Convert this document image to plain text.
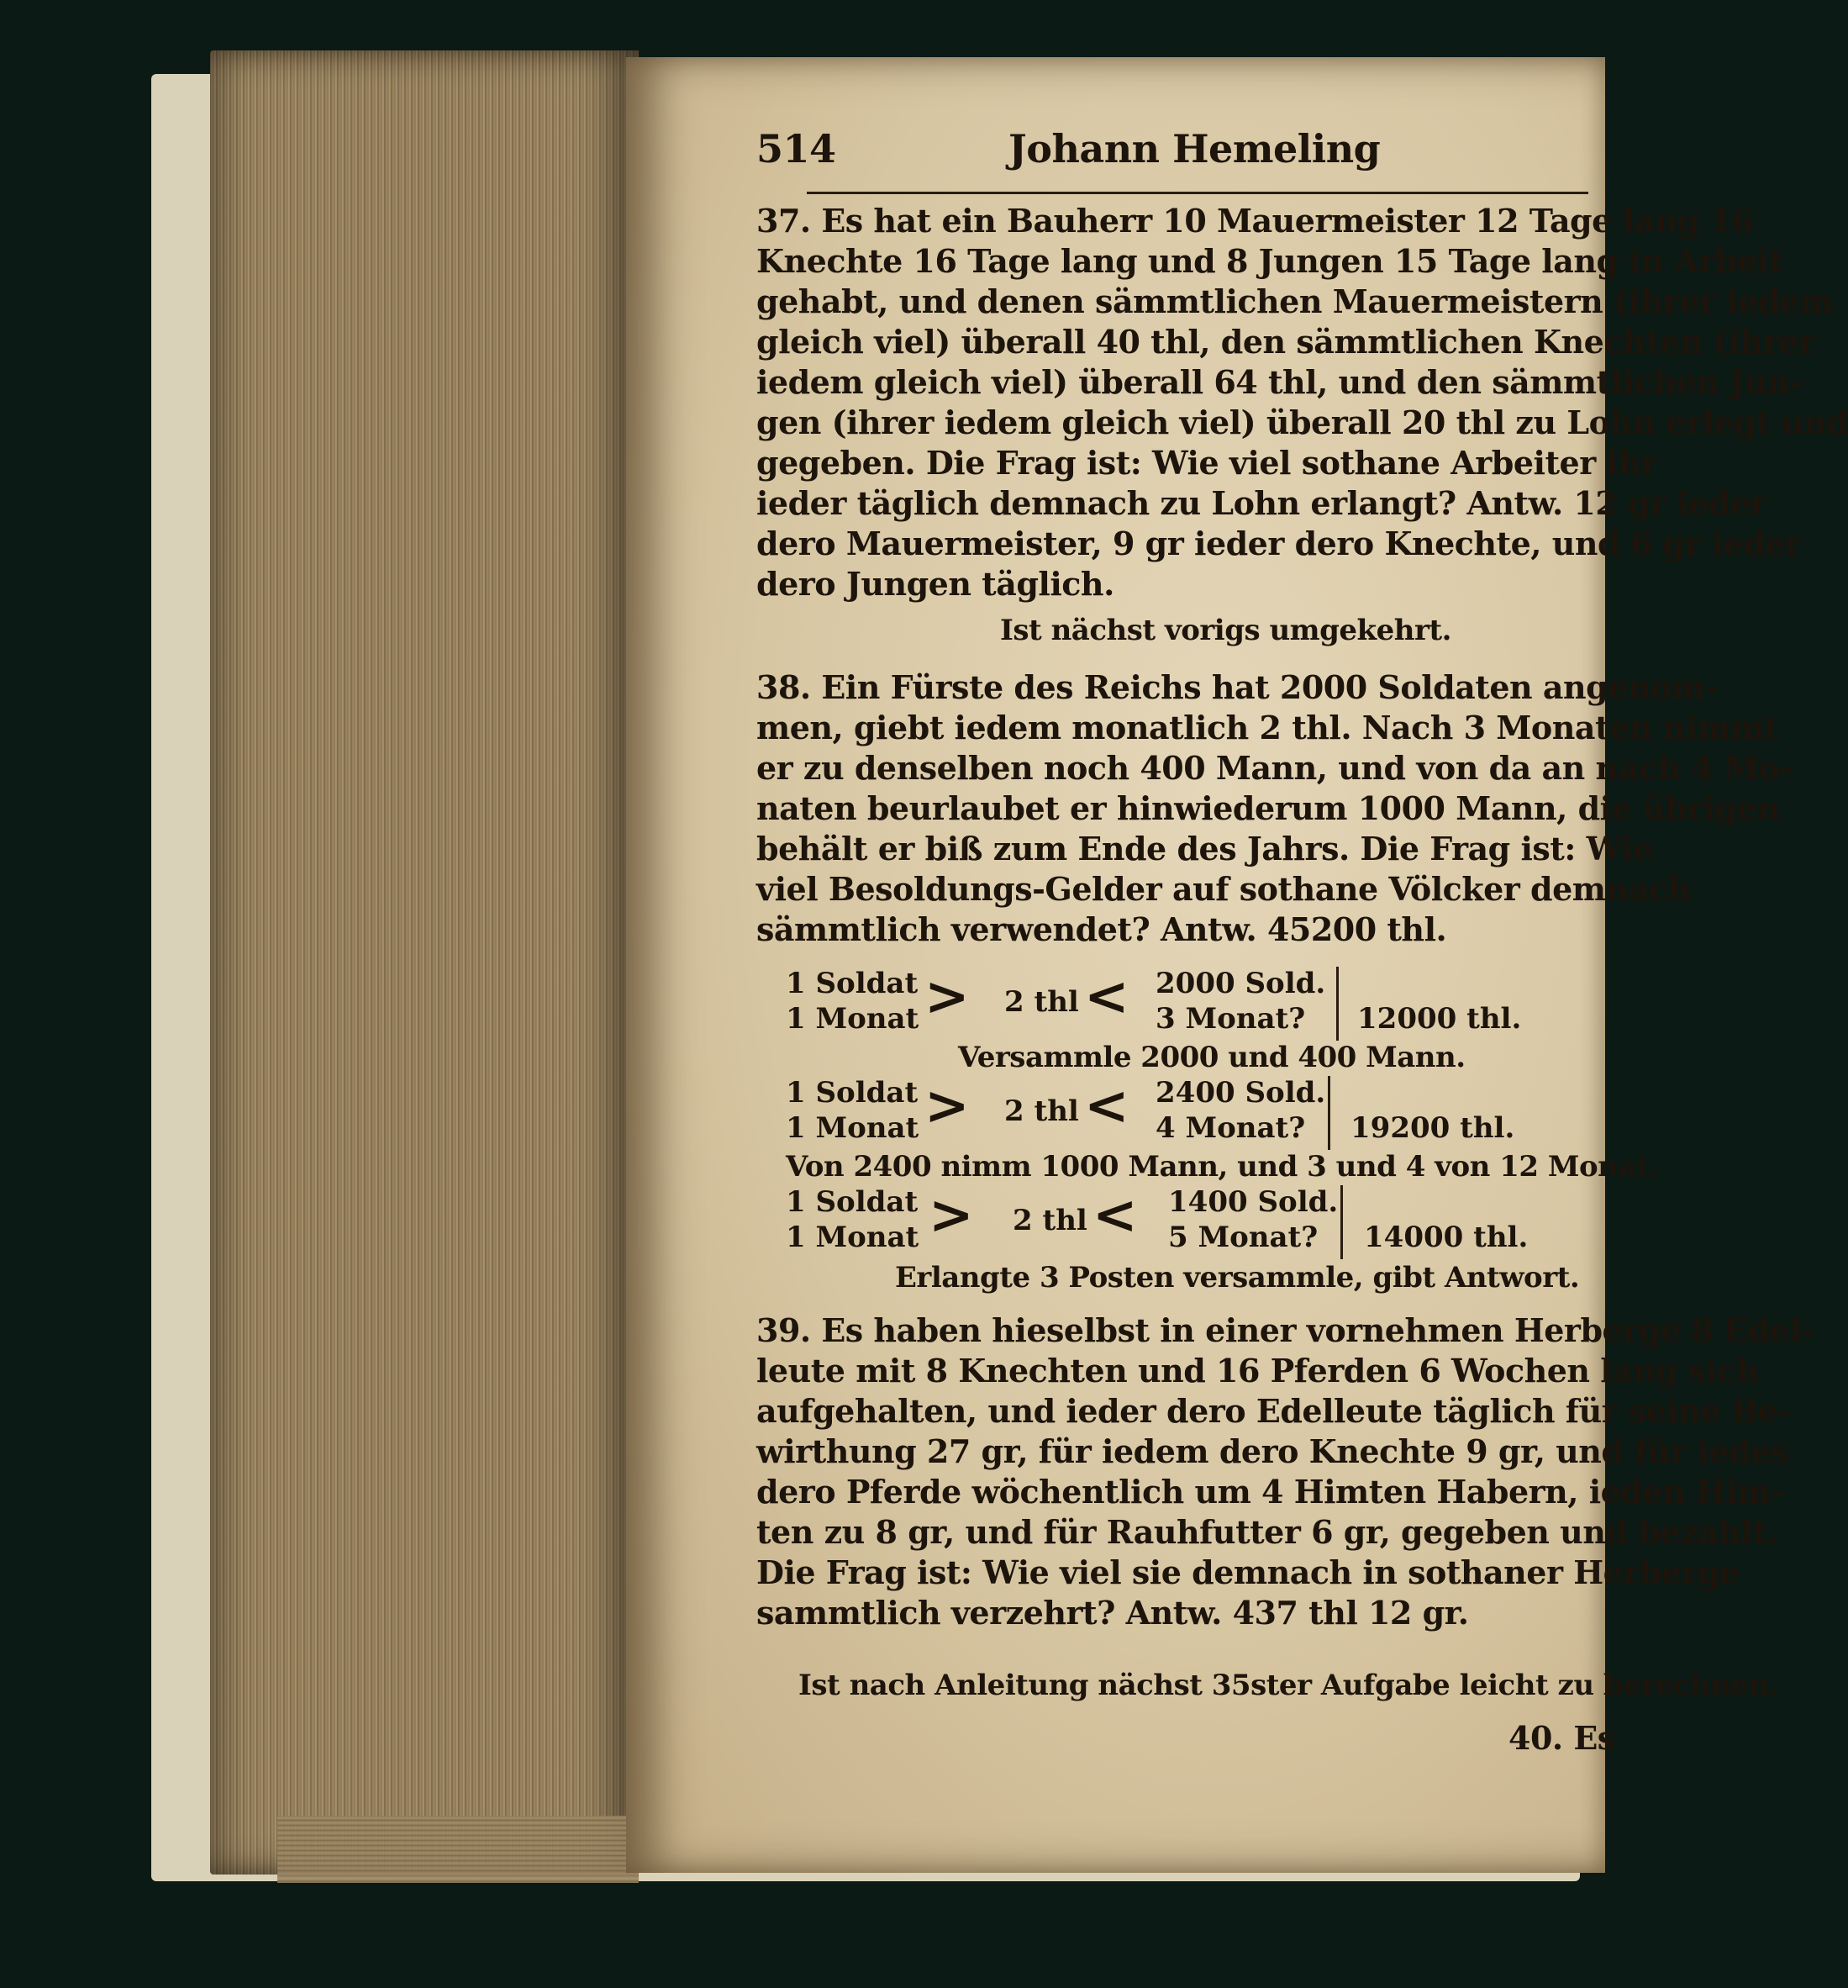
514	Johann Hemeling
37. Es hat ein Bauherr 10 Mauermeister 12 Tage lang 16
Knechte 16 Tage lang und 8 Jungen 15 Tage lang in Arbeit
gehabt, und denen sämmtlichen Mauermeistern (ihrer iedem
gleich viel) überall 40 thl, den sämmtlichen Knechten (ihrer
iedem gleich viel) überall 64 thl, und den sämmtlichen Jun-
gen (ihrer iedem gleich viel) überall 20 thl zu Lohn erlegt und
gegeben. Die Frag ist: Wie viel sothane Arbeiter ihr
ieder täglich demnach zu Lohn erlangt? Antw. 12 gr ieder
dero Mauermeister, 9 gr ieder dero Knechte, und 6 gr ieder
dero Jungen täglich.
Ist nächst vorigs umgekehrt.
38. Ein Fürste des Reichs hat 2000 Soldaten angenom-
men, giebt iedem monatlich 2 thl. Nach 3 Monaten nimmt
er zu denselben noch 400 Mann, und von da an nach 4 Mo-
naten beurlaubet er hinwiederum 1000 Mann, die übrigen
behält er biß zum Ende des Jahrs. Die Frag ist: Wie
viel Besoldungs-Gelder auf sothane Völcker demnach
sämmtlich verwendet? Antw. 45200 thl.
1 Soldat
1 Monat > 2 thl < 2000 Sold.
3 Monat? 12000 thl.
Versammle 2000 und 400 Mann.
1 Soldat
1 Monat > 2 thl < 2400 Sold.
4 Monat? 19200 thl.
Von 2400 nimm 1000 Mann, und 3 und 4 von 12 Monat.
1 Soldat
1 Monat > 2 thl < 1400 Sold.
5 Monat? 14000 thl.
Erlangte 3 Posten versammle, gibt Antwort.
39. Es haben hieselbst in einer vornehmen Herberge 8 Edel-
leute mit 8 Knechten und 16 Pferden 6 Wochen lang sich
aufgehalten, und ieder dero Edelleute täglich für seine Be-
wirthung 27 gr, für iedem dero Knechte 9 gr, und für iedes
dero Pferde wöchentlich um 4 Himten Habern, ieden Him-
ten zu 8 gr, und für Rauhfutter 6 gr, gegeben und bezahlt.
Die Frag ist: Wie viel sie demnach in sothaner Herberge
sammtlich verzehrt? Antw. 437 thl 12 gr.
Ist nach Anleitung nächst 35ster Aufgabe leicht zu berechnen.
40. Es
